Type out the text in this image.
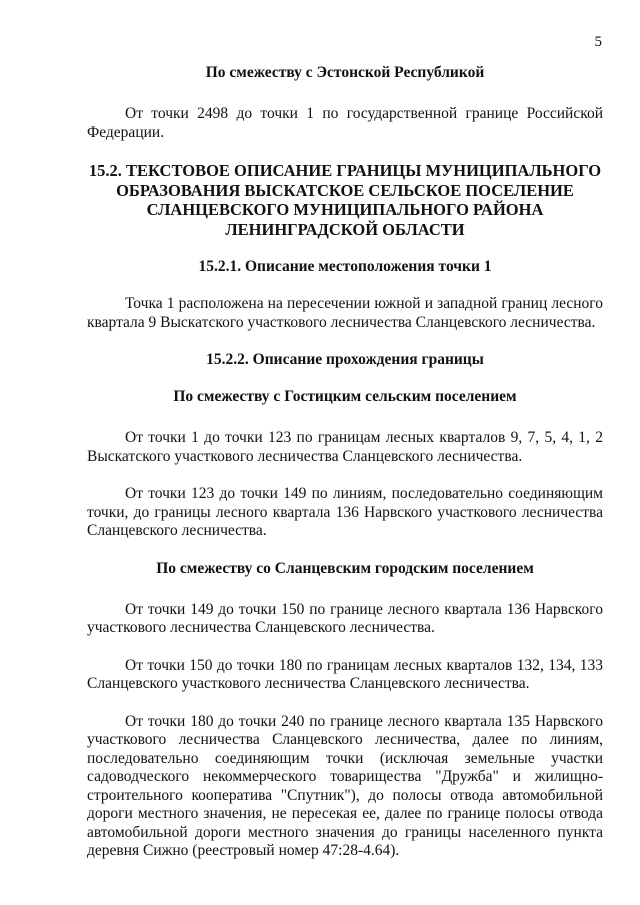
5

По смежеству с Эстонской Республикой

От точки 2498 до точки 1 по государственной границе Российской Федерации.

15.2. ТЕКСТОВОЕ ОПИСАНИЕ ГРАНИЦЫ МУНИЦИПАЛЬНОГО ОБРАЗОВАНИЯ ВЫСКАТСКОЕ СЕЛЬСКОЕ ПОСЕЛЕНИЕ СЛАНЦЕВСКОГО МУНИЦИПАЛЬНОГО РАЙОНА ЛЕНИНГРАДСКОЙ ОБЛАСТИ

15.2.1. Описание местоположения точки 1

Точка 1 расположена на пересечении южной и западной границ лесного квартала 9 Выскатского участкового лесничества Сланцевского лесничества.

15.2.2. Описание прохождения границы

По смежеству с Гостицким сельским поселением

От точки 1 до точки 123 по границам лесных кварталов 9, 7, 5, 4, 1, 2 Выскатского участкового лесничества Сланцевского лесничества.

От точки 123 до точки 149 по линиям, последовательно соединяющим точки, до границы лесного квартала 136 Нарвского участкового лесничества Сланцевского лесничества.

По смежеству со Сланцевским городским поселением

От точки 149 до точки 150 по границе лесного квартала 136 Нарвского участкового лесничества Сланцевского лесничества.

От точки 150 до точки 180 по границам лесных кварталов 132, 134, 133 Сланцевского участкового лесничества Сланцевского лесничества.

От точки 180 до точки 240 по границе лесного квартала 135 Нарвского участкового лесничества Сланцевского лесничества, далее по линиям, последовательно соединяющим точки (исключая земельные участки садоводческого некоммерческого товарищества "Дружба" и жилищно-строительного кооператива "Спутник"), до полосы отвода автомобильной дороги местного значения, не пересекая ее, далее по границе полосы отвода автомобильной дороги местного значения до границы населенного пункта деревня Сижно (реестровый номер 47:28-4.64).
